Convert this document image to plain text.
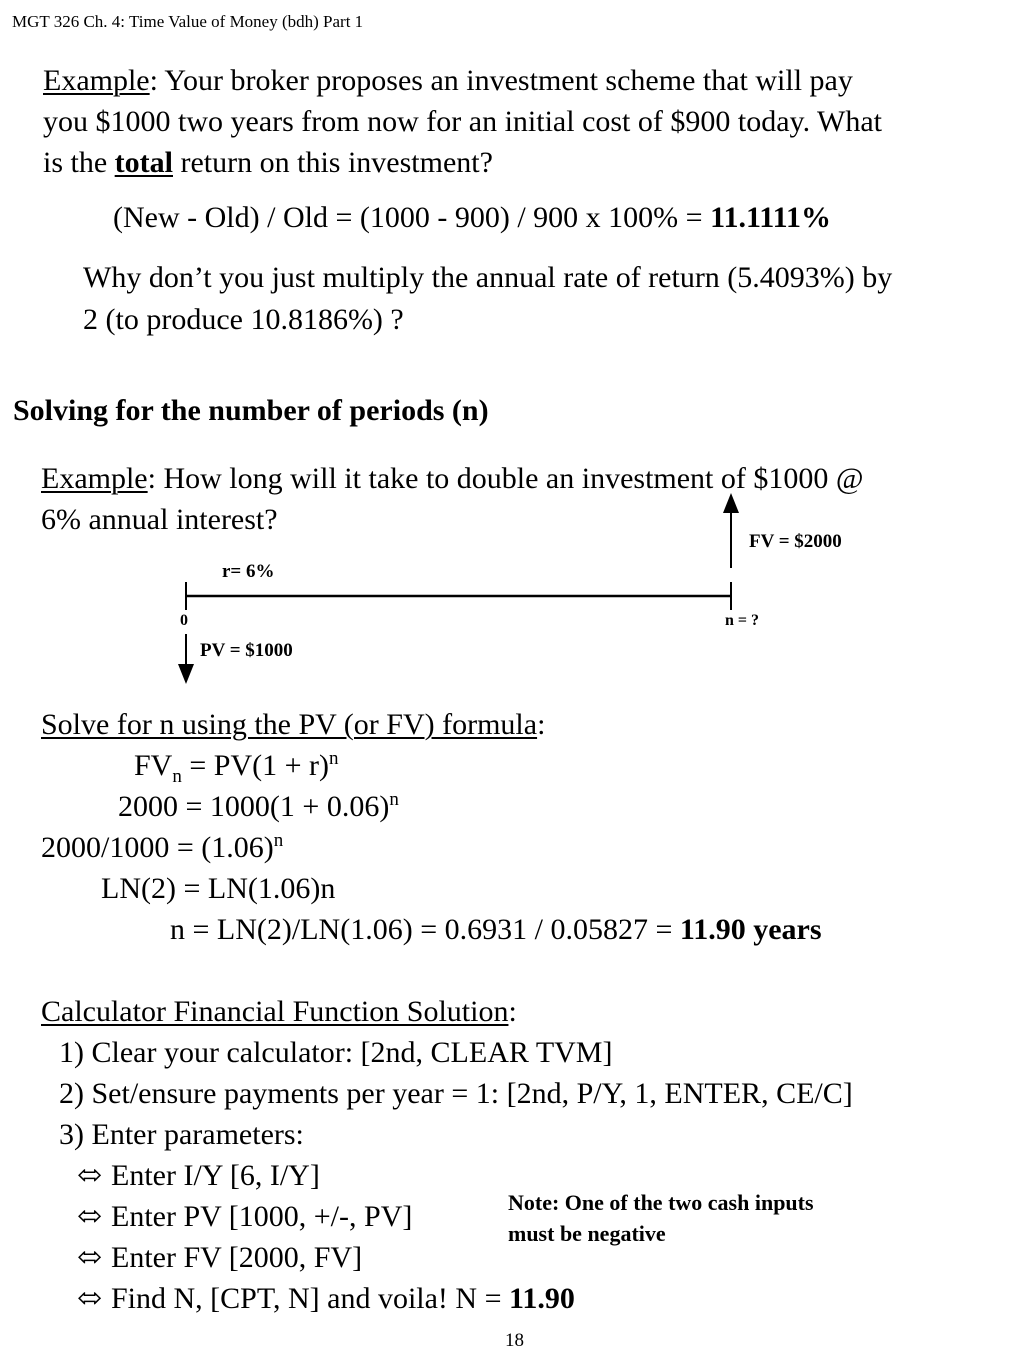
MGT 326 Ch. 4: Time Value of Money (bdh) Part 1
Example: Your broker proposes an investment scheme that will pay
you $1000 two years from now for an initial cost of $900 today. What
is the total return on this investment?
(New - Old) / Old = (1000 - 900) / 900 x 100% = 11.1111%
Why don’t you just multiply the annual rate of return (5.4093%) by
2 (to produce 10.8186%) ?
Solving for the number of periods (n)
Example: How long will it take to double an investment of $1000 @
6% annual interest?
FV = $2000
r= 6%
0	n = ?
PV = $1000
Solve for n using the PV (or FV) formula:
$FV_n = PV(1 + r)^n$
$2000 = 1000(1 + 0.06)^n$
$2000/1000 = (1.06)^n$
LN(2) = LN(1.06)n
n = LN(2)/LN(1.06) = 0.6931 / 0.05827 = 11.90 years
Calculator Financial Function Solution:
1) Clear your calculator: [2nd, CLEAR TVM]
2) Set/ensure payments per year = 1: [2nd, P/Y, 1, ENTER, CE/C]
3) Enter parameters:
⬄ Enter I/Y [6, I/Y]
⬄ Enter PV [1000, +/-, PV]
⬄ Enter FV [2000, FV]
⬄ Find N, [CPT, N] and voila! N = 11.90
Note: One of the two cash inputs
must be negative
18
